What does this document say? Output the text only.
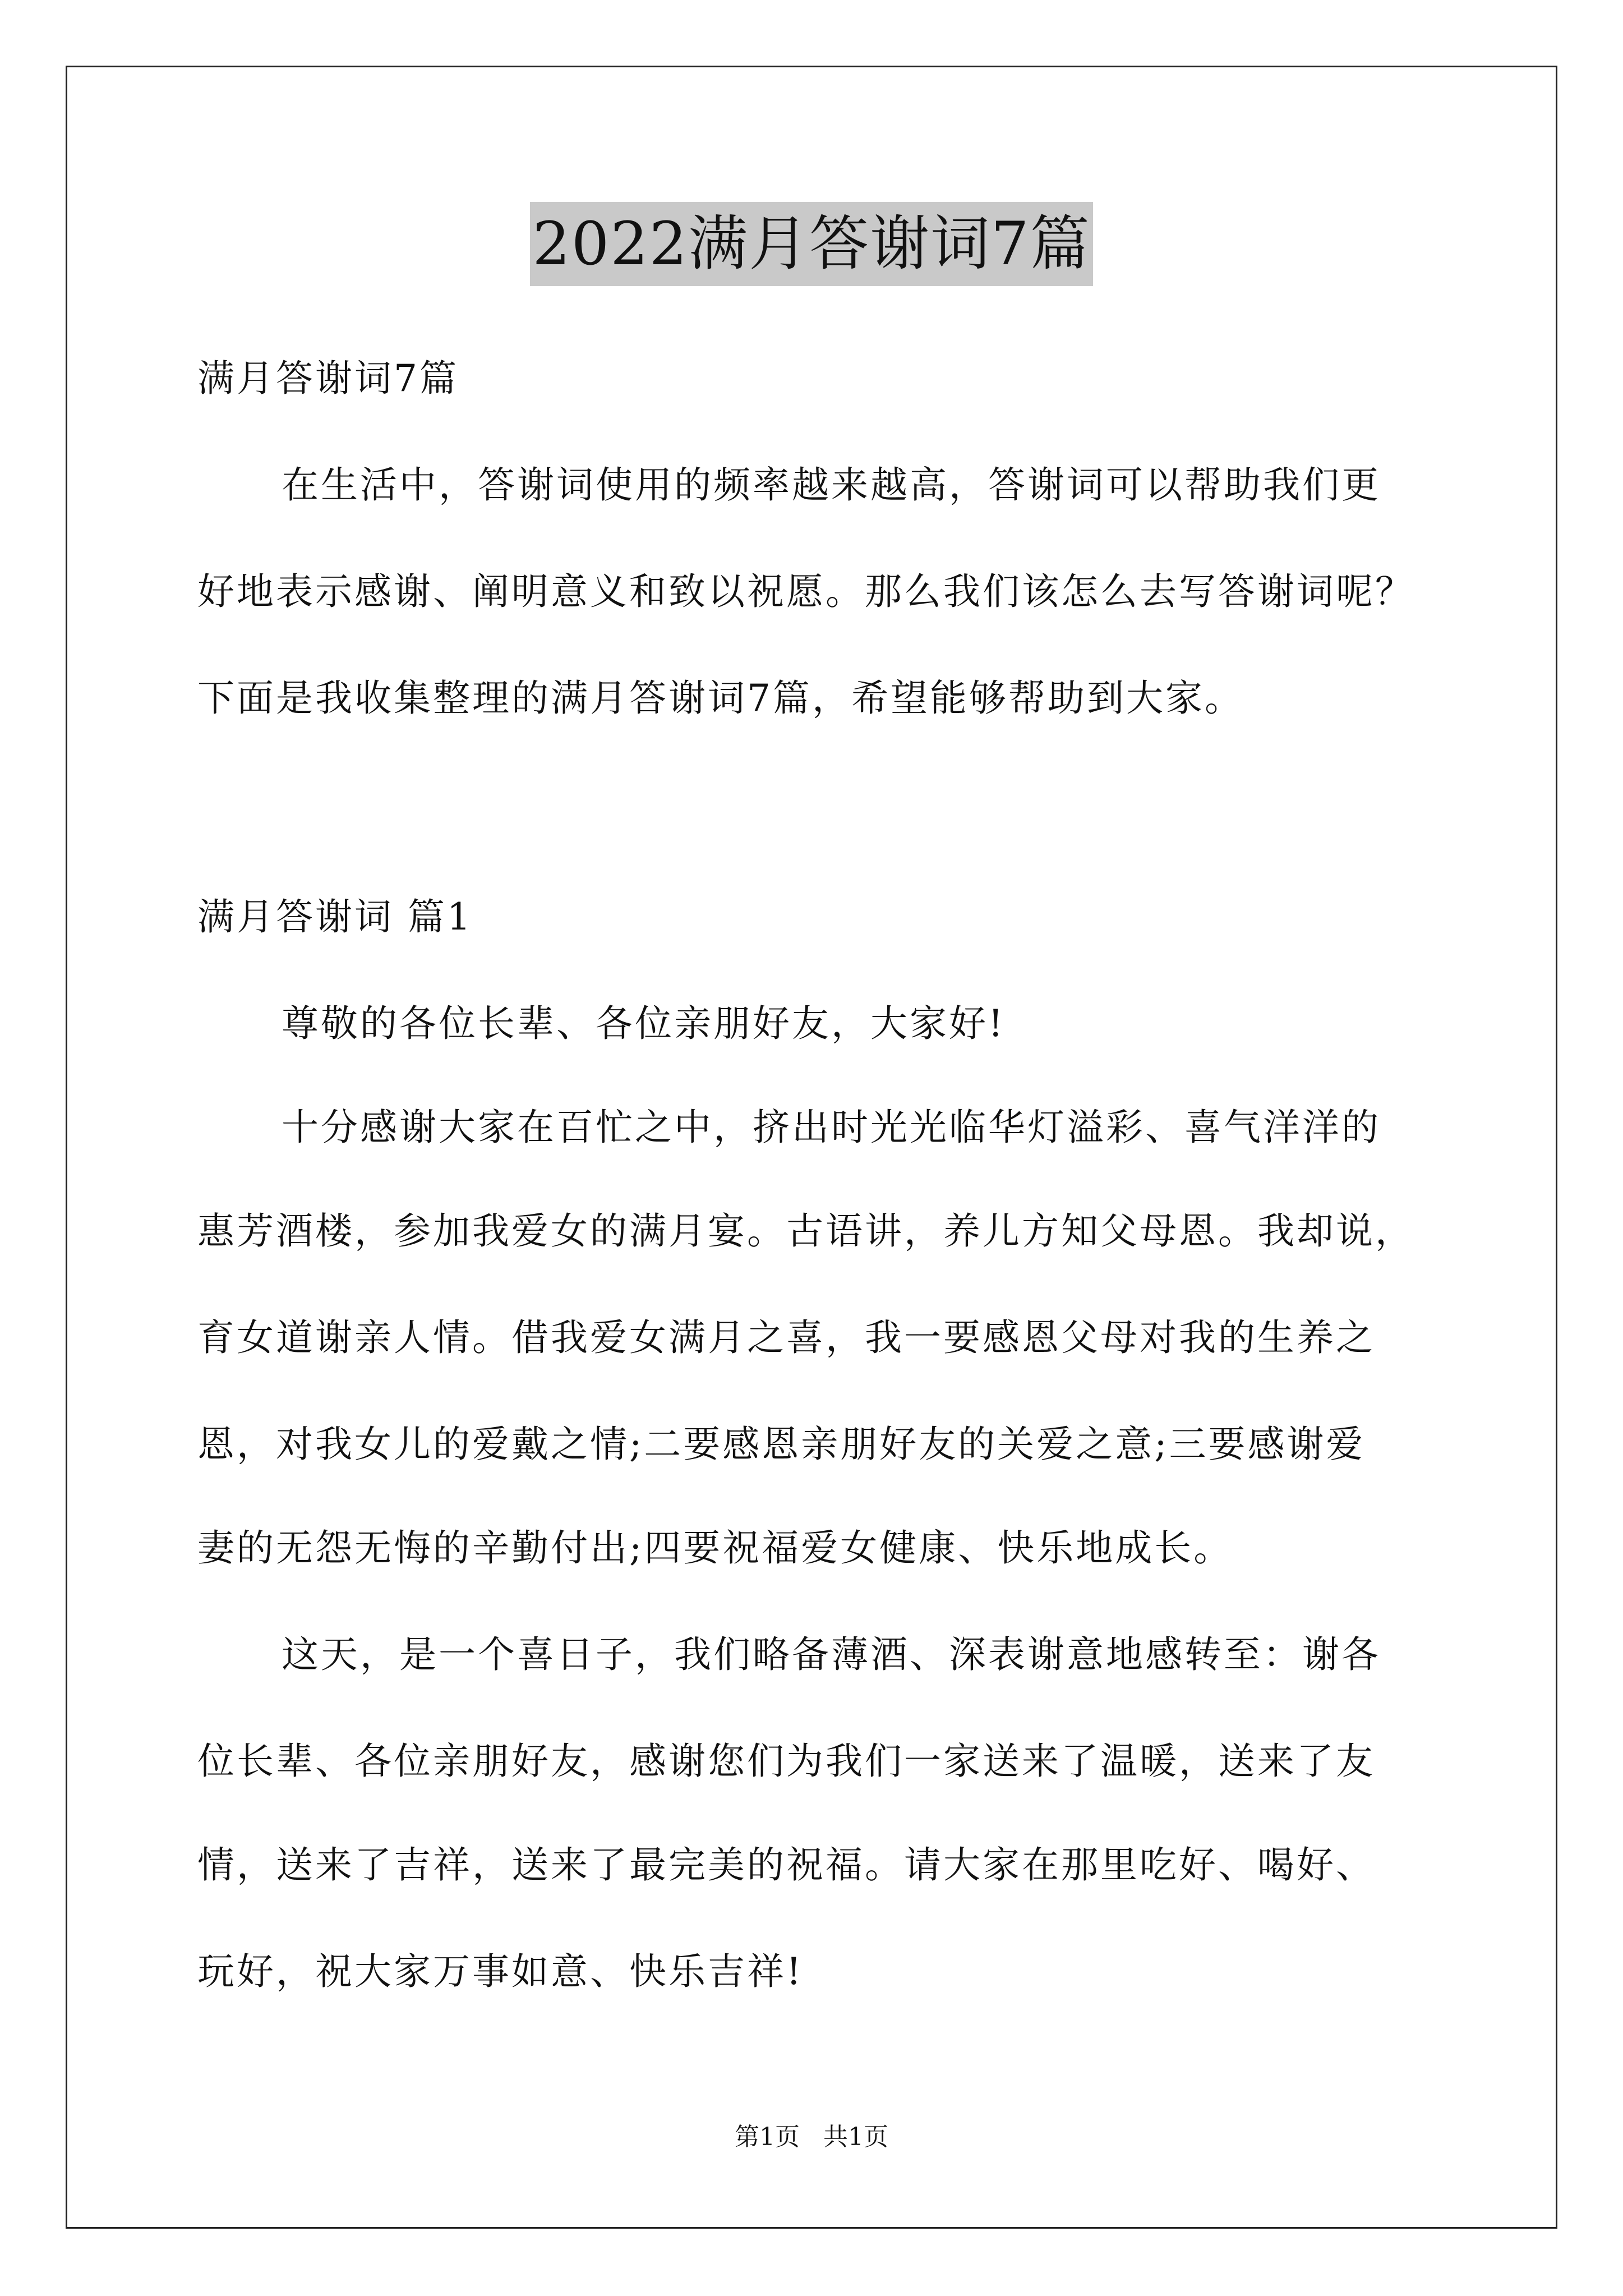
2022满月答谢词7篇
满月答谢词7篇
在生活中，答谢词使用的频率越来越高，答谢词可以帮助我们更
好地表示感谢、阐明意义和致以祝愿。那么我们该怎么去写答谢词呢？
下面是我收集整理的满月答谢词7篇，希望能够帮助到大家。
满月答谢词 篇1
尊敬的各位长辈、各位亲朋好友，大家好!
十分感谢大家在百忙之中，挤出时光光临华灯溢彩、喜气洋洋的
惠芳酒楼，参加我爱女的满月宴。古语讲，养儿方知父母恩。我却说，
育女道谢亲人情。借我爱女满月之喜，我一要感恩父母对我的生养之
恩，对我女儿的爱戴之情;二要感恩亲朋好友的关爱之意;三要感谢爱
妻的无怨无悔的辛勤付出;四要祝福爱女健康、快乐地成长。
这天，是一个喜日子，我们略备薄酒、深表谢意地感转至：谢各
位长辈、各位亲朋好友，感谢您们为我们一家送来了温暖，送来了友
情，送来了吉祥，送来了最完美的祝福。请大家在那里吃好、喝好、
玩好，祝大家万事如意、快乐吉祥!
第1页 共1页
